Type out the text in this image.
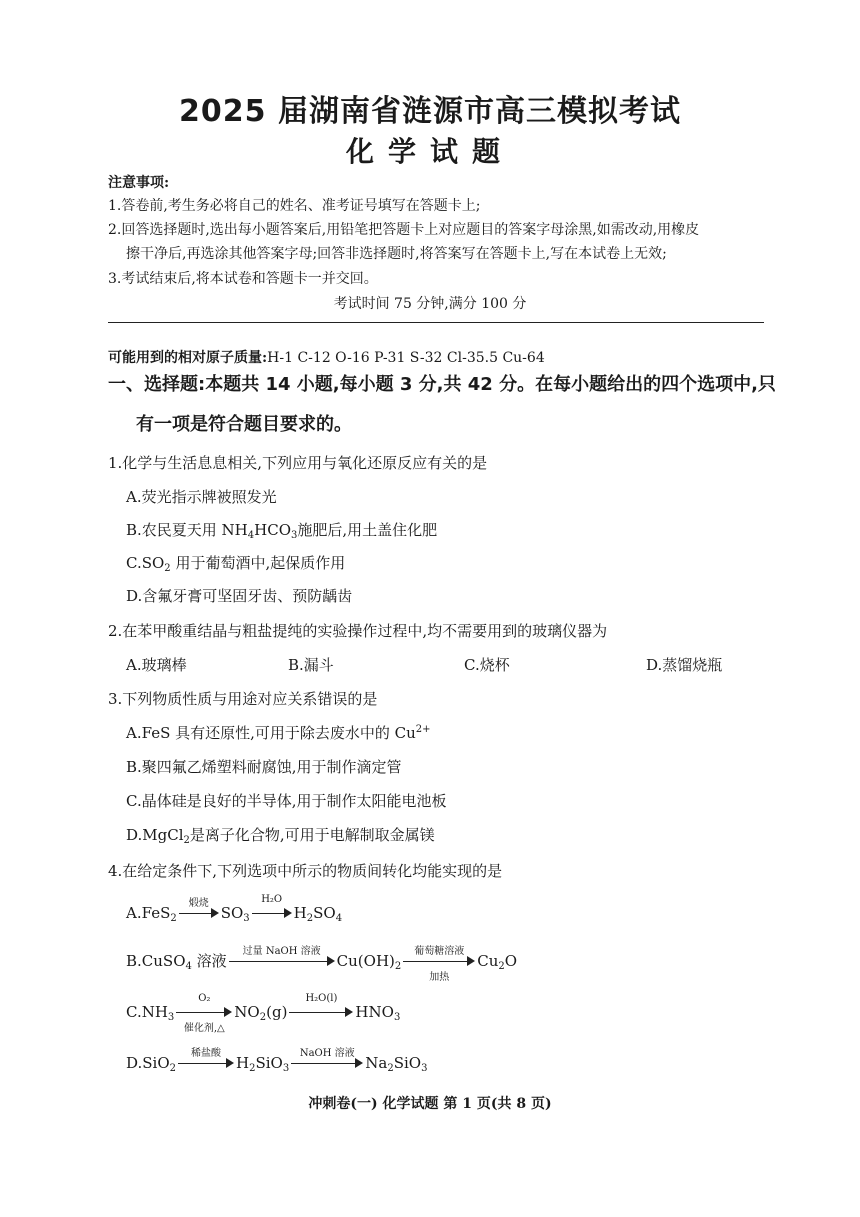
2025 届湖南省涟源市高三模拟考试
化学试题
注意事项:
1.答卷前,考生务必将自己的姓名、准考证号填写在答题卡上;
2.回答选择题时,选出每小题答案后,用铅笔把答题卡上对应题目的答案字母涂黑,如需改动,用橡皮
擦干净后,再选涂其他答案字母;回答非选择题时,将答案写在答题卡上,写在本试卷上无效;
3.考试结束后,将本试卷和答题卡一并交回。
考试时间 75 分钟,满分 100 分
可能用到的相对原子质量:H-1 C-12 O-16 P-31 S-32 Cl-35.5 Cu-64
一、选择题:本题共 14 小题,每小题 3 分,共 42 分。在每小题给出的四个选项中,只
有一项是符合题目要求的。
1.化学与生活息息相关,下列应用与氧化还原反应有关的是
A.荧光指示牌被照发光
B.农民夏天用 $NH_4HCO_3$施肥后,用土盖住化肥
$C.SO_2$ 用于葡萄酒中,起保质作用
D.含氟牙膏可坚固牙齿、预防龋齿
2.在苯甲酸重结晶与粗盐提纯的实验操作过程中,均不需要用到的玻璃仪器为
A.玻璃棒	B.漏斗	C.烧杯	D.蒸馏烧瓶
3.下列物质性质与用途对应关系错误的是
A.FeS 具有还原性,可用于除去废水中的 $Cu^{2+}$
B.聚四氟乙烯塑料耐腐蚀,用于制作滴定管
C.晶体硅是良好的半导体,用于制作太阳能电池板
D.MgCl$_2$是离子化合物,可用于电解制取金属镁
4.在给定条件下,下列选项中所示的物质间转化均能实现的是
A.FeS$_2$
煅烧
$SO_3$
H₂O
$H_2SO_4$
B.CuSO$_4$ 溶液
过量 NaOH 溶液
$Cu(OH)_2$
葡萄糖溶液
加热
$Cu_2O$
$C.NH_3$
O₂
催化剂,△
$NO_2(g)$
H₂O(l)
$HNO_3$
D.SiO$_2$
稀盐酸
$H_2SiO_3$
NaOH 溶液
$Na_2SiO_3$
冲刺卷(一) 化学试题 第 1 页(共 8 页)
